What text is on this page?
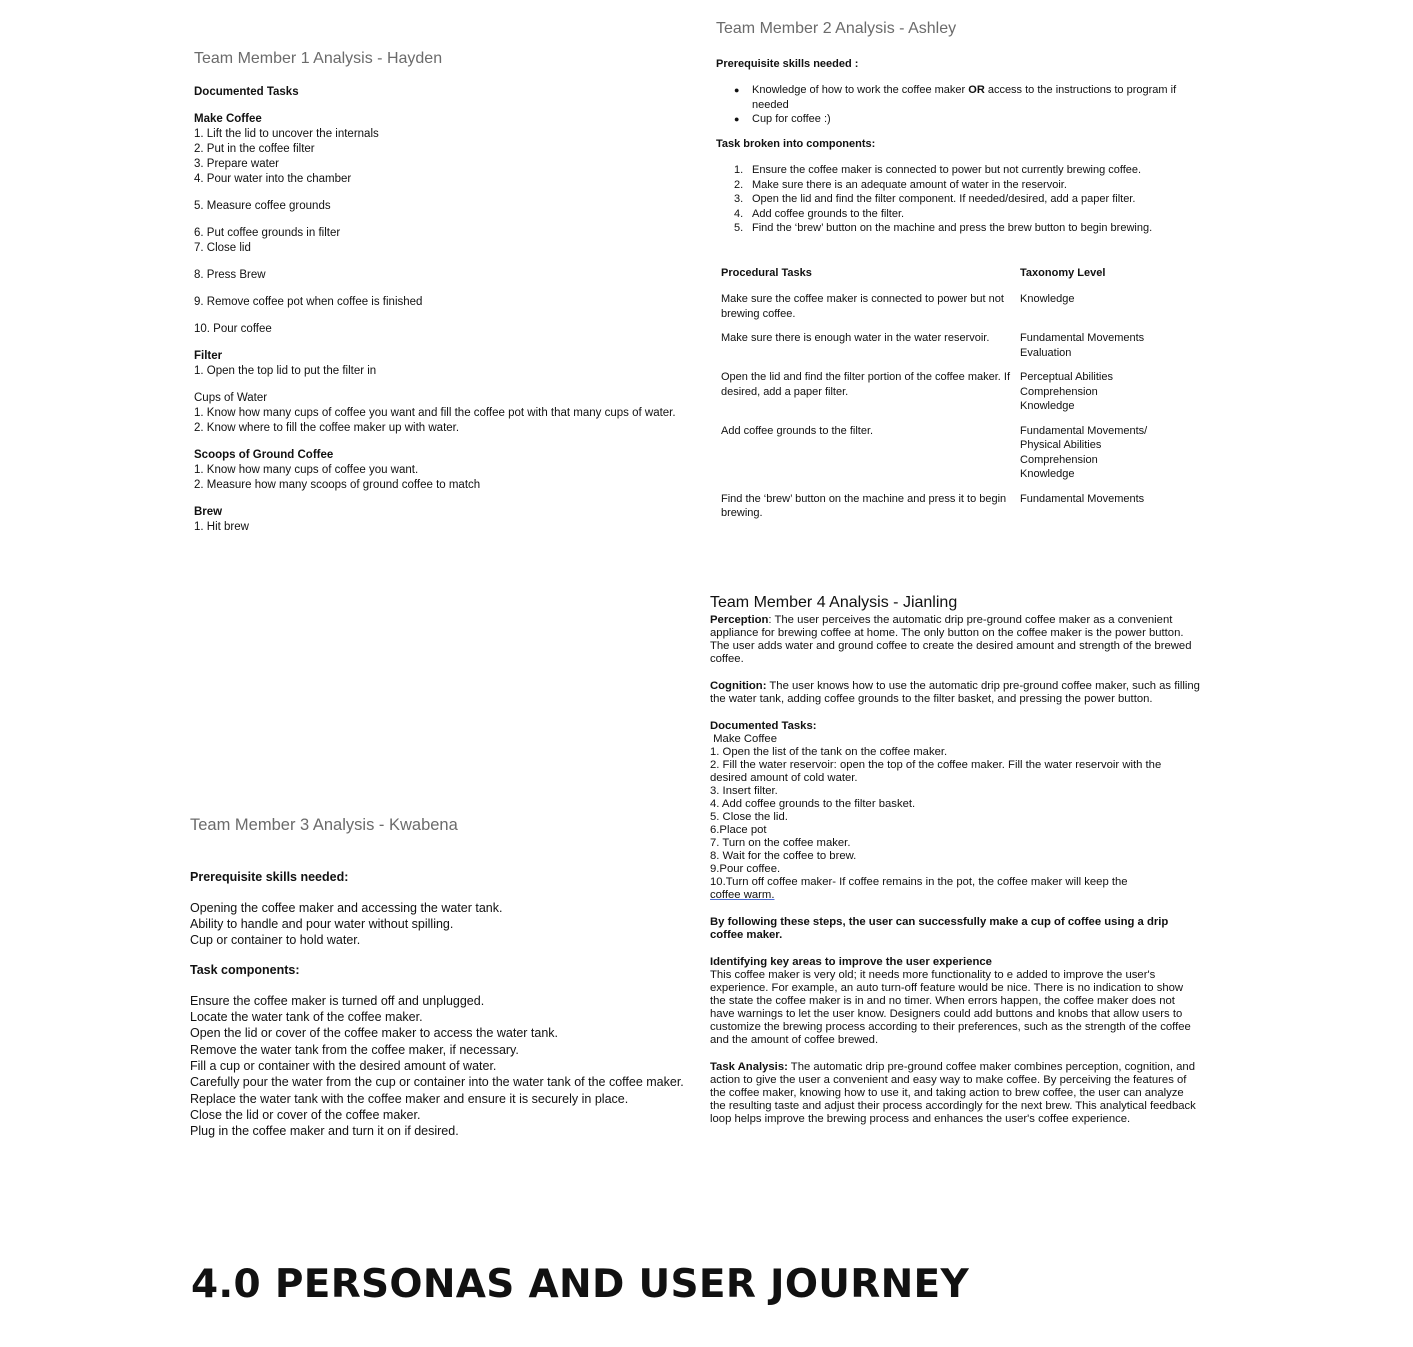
Team Member 1 Analysis - Hayden
Documented Tasks
Make Coffee
1. Lift the lid to uncover the internals
2. Put in the coffee filter
3. Prepare water
4. Pour water into the chamber
5. Measure coffee grounds
6. Put coffee grounds in filter
7. Close lid
8. Press Brew
9. Remove coffee pot when coffee is finished
10. Pour coffee
Filter
1. Open the top lid to put the filter in
Cups of Water
1. Know how many cups of coffee you want and fill the coffee pot with that many cups of water.
2. Know where to fill the coffee maker up with water.
Scoops of Ground Coffee
1. Know how many cups of coffee you want.
2. Measure how many scoops of ground coffee to match
Brew
1. Hit brew
Team Member 2 Analysis - Ashley
Prerequisite skills needed :
● Knowledge of how to work the coffee maker OR access to the instructions to program if
needed
● Cup for coffee :)
Task broken into components:
1. Ensure the coffee maker is connected to power but not currently brewing coffee.
2. Make sure there is an adequate amount of water in the reservoir.
3. Open the lid and find the filter component. If needed/desired, add a paper filter.
4. Add coffee grounds to the filter.
5. Find the ‘brew’ button on the machine and press the brew button to begin brewing.
Procedural Tasks	Taxonomy Level

Make sure the coffee maker is connected to power but not
brewing coffee.	Knowledge

Make sure there is enough water in the water reservoir.	Fundamental Movements
Evaluation

Open the lid and find the filter portion of the coffee maker. If
desired, add a paper filter.	Perceptual Abilities
Comprehension
Knowledge

Add coffee grounds to the filter.	Fundamental Movements/
Physical Abilities
Comprehension
Knowledge

Find the ‘brew’ button on the machine and press it to begin
brewing.	Fundamental Movements
Team Member 3 Analysis - Kwabena
Prerequisite skills needed:
Opening the coffee maker and accessing the water tank.
Ability to handle and pour water without spilling.
Cup or container to hold water.
Task components:
Ensure the coffee maker is turned off and unplugged.
Locate the water tank of the coffee maker.
Open the lid or cover of the coffee maker to access the water tank.
Remove the water tank from the coffee maker, if necessary.
Fill a cup or container with the desired amount of water.
Carefully pour the water from the cup or container into the water tank of the coffee maker.
Replace the water tank with the coffee maker and ensure it is securely in place.
Close the lid or cover of the coffee maker.
Plug in the coffee maker and turn it on if desired.
Team Member 4 Analysis - Jianling

Perception: The user perceives the automatic drip pre-ground coffee maker as a convenient appliance for brewing coffee at home. The only button on the coffee maker is the power button. The user adds water and ground coffee to create the desired amount and strength of the brewed coffee.

Cognition: The user knows how to use the automatic drip pre-ground coffee maker, such as filling the water tank, adding coffee grounds to the filter basket, and pressing the power button.

Documented Tasks:
Make Coffee
1. Open the list of the tank on the coffee maker.
2. Fill the water reservoir: open the top of the coffee maker. Fill the water reservoir with the
desired amount of cold water.
3. Insert filter.
4. Add coffee grounds to the filter basket.
5. Close the lid.
6.Place pot
7. Turn on the coffee maker.
8. Wait for the coffee to brew.
9.Pour coffee.
10.Turn off coffee maker- If coffee remains in the pot, the coffee maker will keep the
coffee warm.

By following these steps, the user can successfully make a cup of coffee using a drip coffee maker.

Identifying key areas to improve the user experience

This coffee maker is very old; it needs more functionality to e added to improve the user's experience. For example, an auto turn-off feature would be nice. There is no indication to show the state the coffee maker is in and no timer. When errors happen, the coffee maker does not have warnings to let the user know. Designers could add buttons and knobs that allow users to customize the brewing process according to their preferences, such as the strength of the coffee and the amount of coffee brewed.

Task Analysis: The automatic drip pre-ground coffee maker combines perception, cognition, and action to give the user a convenient and easy way to make coffee. By perceiving the features of the coffee maker, knowing how to use it, and taking action to brew coffee, the user can analyze the resulting taste and adjust their process accordingly for the next brew. This analytical feedback loop helps improve the brewing process and enhances the user's coffee experience.

4.0 PERSONAS AND USER JOURNEY
